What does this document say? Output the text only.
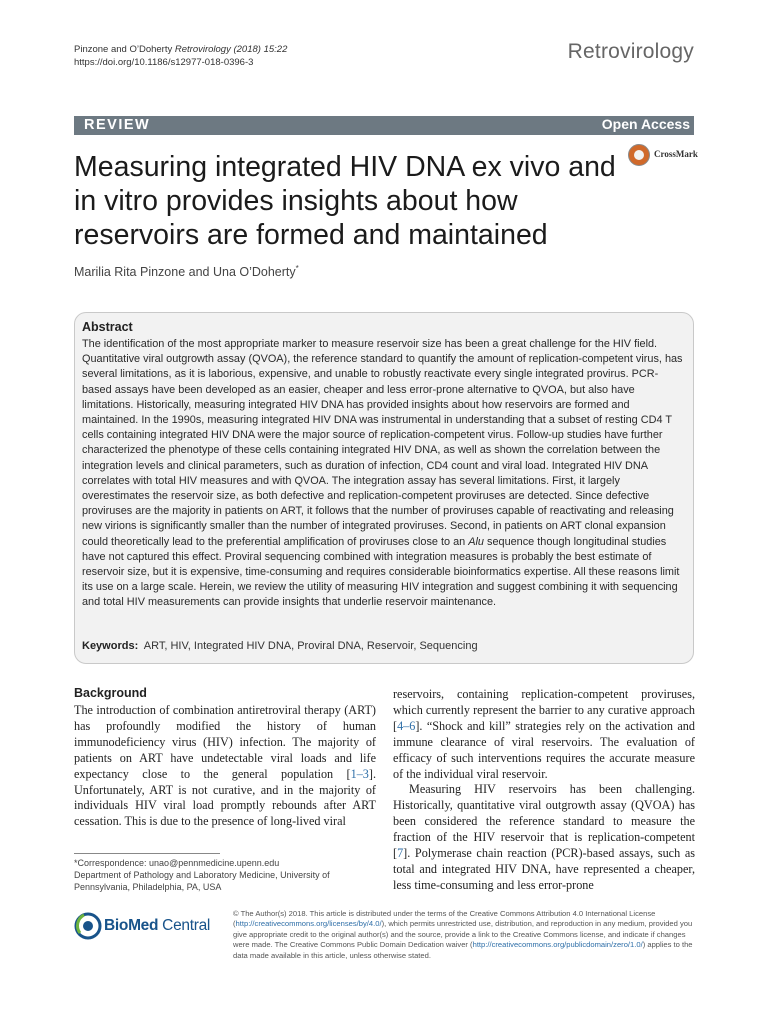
Pinzone and O’Doherty Retrovirology (2018) 15:22
https://doi.org/10.1186/s12977-018-0396-3	Retrovirology
REVIEW	Open Access
CrossMark
Measuring integrated HIV DNA ex vivo and in vitro provides insights about how reservoirs are formed and maintained
Marilia Rita Pinzone and Una O’Doherty*
Abstract
The identification of the most appropriate marker to measure reservoir size has been a great challenge for the HIV field. Quantitative viral outgrowth assay (QVOA), the reference standard to quantify the amount of replication-competent virus, has several limitations, as it is laborious, expensive, and unable to robustly reactivate every single integrated provirus. PCR-based assays have been developed as an easier, cheaper and less error-prone alternative to QVOA, but also have limitations. Historically, measuring integrated HIV DNA has provided insights about how reservoirs are formed and maintained. In the 1990s, measuring integrated HIV DNA was instrumental in understanding that a subset of resting CD4 T cells containing integrated HIV DNA were the major source of replication-competent virus. Follow-up studies have further characterized the phenotype of these cells containing integrated HIV DNA, as well as shown the correlation between the integration levels and clinical parameters, such as duration of infection, CD4 count and viral load. Integrated HIV DNA correlates with total HIV measures and with QVOA. The integration assay has several limitations. First, it largely overestimates the reservoir size, as both defective and replication-competent proviruses are detected. Since defective proviruses are the majority in patients on ART, it follows that the number of proviruses capable of reactivating and releasing new virions is significantly smaller than the number of integrated proviruses. Second, in patients on ART clonal expansion could theoretically lead to the preferential amplification of proviruses close to an Alu sequence though longitudinal studies have not captured this effect. Proviral sequencing combined with integration measures is probably the best estimate of reservoir size, but it is expensive, time-consuming and requires considerable bioinformatics expertise. All these reasons limit its use on a large scale. Herein, we review the utility of measuring HIV integration and suggest combining it with sequencing and total HIV measurements can provide insights that underlie reservoir maintenance.
Keywords: ART, HIV, Integrated HIV DNA, Proviral DNA, Reservoir, Sequencing
Background
The introduction of combination antiretroviral therapy (ART) has profoundly modified the history of human immunodeficiency virus (HIV) infection. The majority of patients on ART have undetectable viral loads and life expectancy close to the general population [1–3]. Unfortunately, ART is not curative, and in the majority of individuals HIV viral load promptly rebounds after ART cessation. This is due to the presence of long-lived viral
reservoirs, containing replication-competent proviruses, which currently represent the barrier to any curative approach [4–6]. “Shock and kill” strategies rely on the activation and immune clearance of viral reservoirs. The evaluation of efficacy of such interventions requires the accurate measure of the individual viral reservoir.
Measuring HIV reservoirs has been challenging. Historically, quantitative viral outgrowth assay (QVOA) has been considered the reference standard to measure the fraction of the HIV reservoir that is replication-competent [7]. Polymerase chain reaction (PCR)-based assays, such as total and integrated HIV DNA, have represented a cheaper, less time-consuming and less error-prone
*Correspondence: unao@pennmedicine.upenn.edu
Department of Pathology and Laboratory Medicine, University of Pennsylvania, Philadelphia, PA, USA
BioMed Central
© The Author(s) 2018. This article is distributed under the terms of the Creative Commons Attribution 4.0 International License (http://creativecommons.org/licenses/by/4.0/), which permits unrestricted use, distribution, and reproduction in any medium, provided you give appropriate credit to the original author(s) and the source, provide a link to the Creative Commons license, and indicate if changes were made. The Creative Commons Public Domain Dedication waiver (http://creativecommons.org/publicdomain/zero/1.0/) applies to the data made available in this article, unless otherwise stated.
